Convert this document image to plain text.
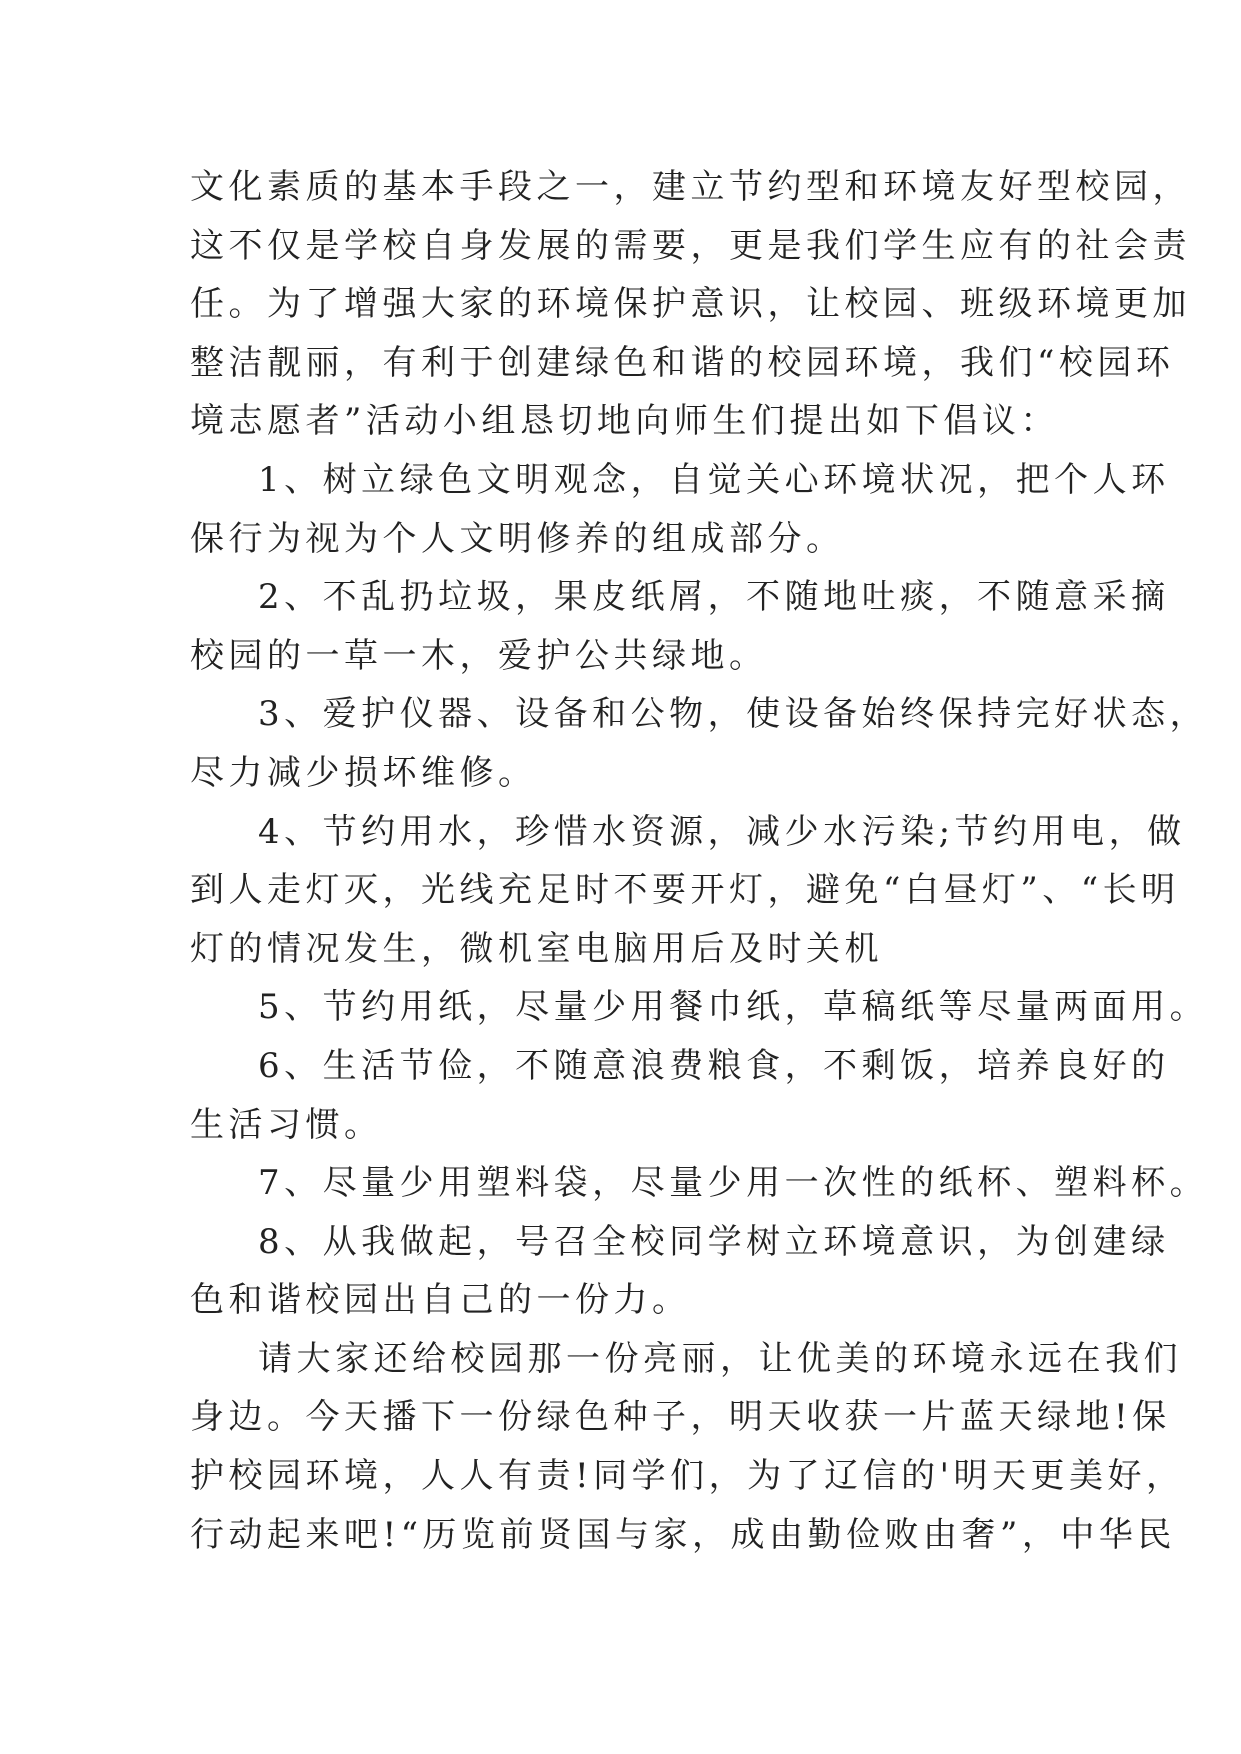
文化素质的基本手段之一，建立节约型和环境友好型校园，
这不仅是学校自身发展的需要，更是我们学生应有的社会责
任。为了增强大家的环境保护意识，让校园、班级环境更加
整洁靓丽，有利于创建绿色和谐的校园环境，我们“校园环
境志愿者”活动小组恳切地向师生们提出如下倡议：
1、树立绿色文明观念，自觉关心环境状况，把个人环
保行为视为个人文明修养的组成部分。
2、不乱扔垃圾，果皮纸屑，不随地吐痰，不随意采摘
校园的一草一木，爱护公共绿地。
3、爱护仪器、设备和公物，使设备始终保持完好状态，
尽力减少损坏维修。
4、节约用水，珍惜水资源，减少水污染;节约用电，做
到人走灯灭，光线充足时不要开灯，避免“白昼灯”、“长明
灯的情况发生，微机室电脑用后及时关机
5、节约用纸，尽量少用餐巾纸，草稿纸等尽量两面用。
6、生活节俭，不随意浪费粮食，不剩饭，培养良好的
生活习惯。
7、尽量少用塑料袋，尽量少用一次性的纸杯、塑料杯。
8、从我做起，号召全校同学树立环境意识，为创建绿
色和谐校园出自己的一份力。
请大家还给校园那一份亮丽，让优美的环境永远在我们
身边。今天播下一份绿色种子，明天收获一片蓝天绿地!保
护校园环境，人人有责!同学们，为了辽信的'明天更美好，
行动起来吧!“历览前贤国与家，成由勤俭败由奢”，中华民
